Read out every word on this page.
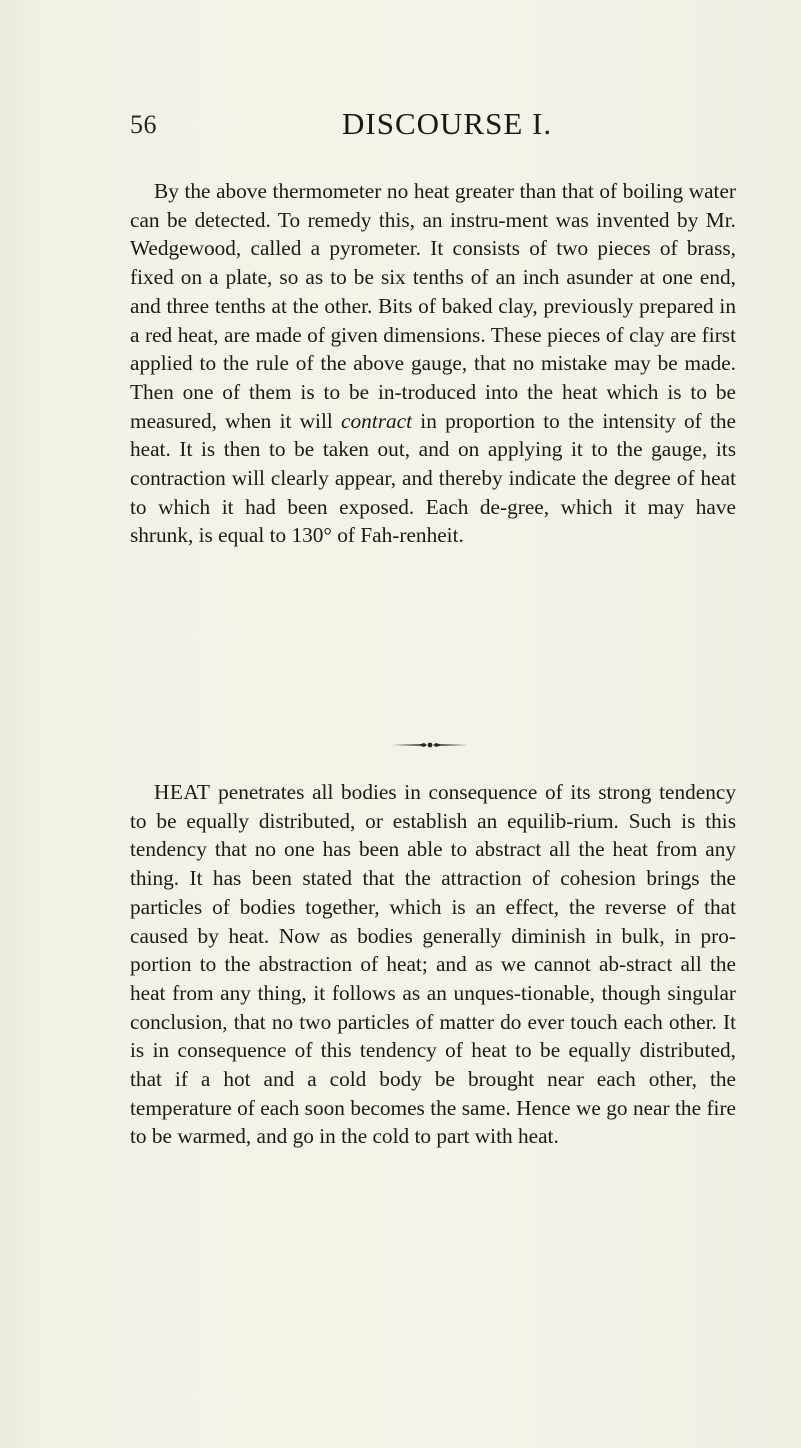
56	DISCOURSE I.

By the above thermometer no heat greater than that of boiling water can be detected. To remedy this, an instru-ment was invented by Mr. Wedgewood, called a pyrometer. It consists of two pieces of brass, fixed on a plate, so as to be six tenths of an inch asunder at one end, and three tenths at the other. Bits of baked clay, previously prepared in a red heat, are made of given dimensions. These pieces of clay are first applied to the rule of the above gauge, that no mistake may be made. Then one of them is to be in-troduced into the heat which is to be measured, when it will contract in proportion to the intensity of the heat. It is then to be taken out, and on applying it to the gauge, its contraction will clearly appear, and thereby indicate the degree of heat to which it had been exposed. Each de-gree, which it may have shrunk, is equal to 130° of Fah-renheit.

HEAT penetrates all bodies in consequence of its strong tendency to be equally distributed, or establish an equilib-rium. Such is this tendency that no one has been able to abstract all the heat from any thing. It has been stated that the attraction of cohesion brings the particles of bodies together, which is an effect, the reverse of that caused by heat. Now as bodies generally diminish in bulk, in pro-portion to the abstraction of heat; and as we cannot ab-stract all the heat from any thing, it follows as an unques-tionable, though singular conclusion, that no two particles of matter do ever touch each other. It is in consequence of this tendency of heat to be equally distributed, that if a hot and a cold body be brought near each other, the temperature of each soon becomes the same. Hence we go near the fire to be warmed, and go in the cold to part with heat.
